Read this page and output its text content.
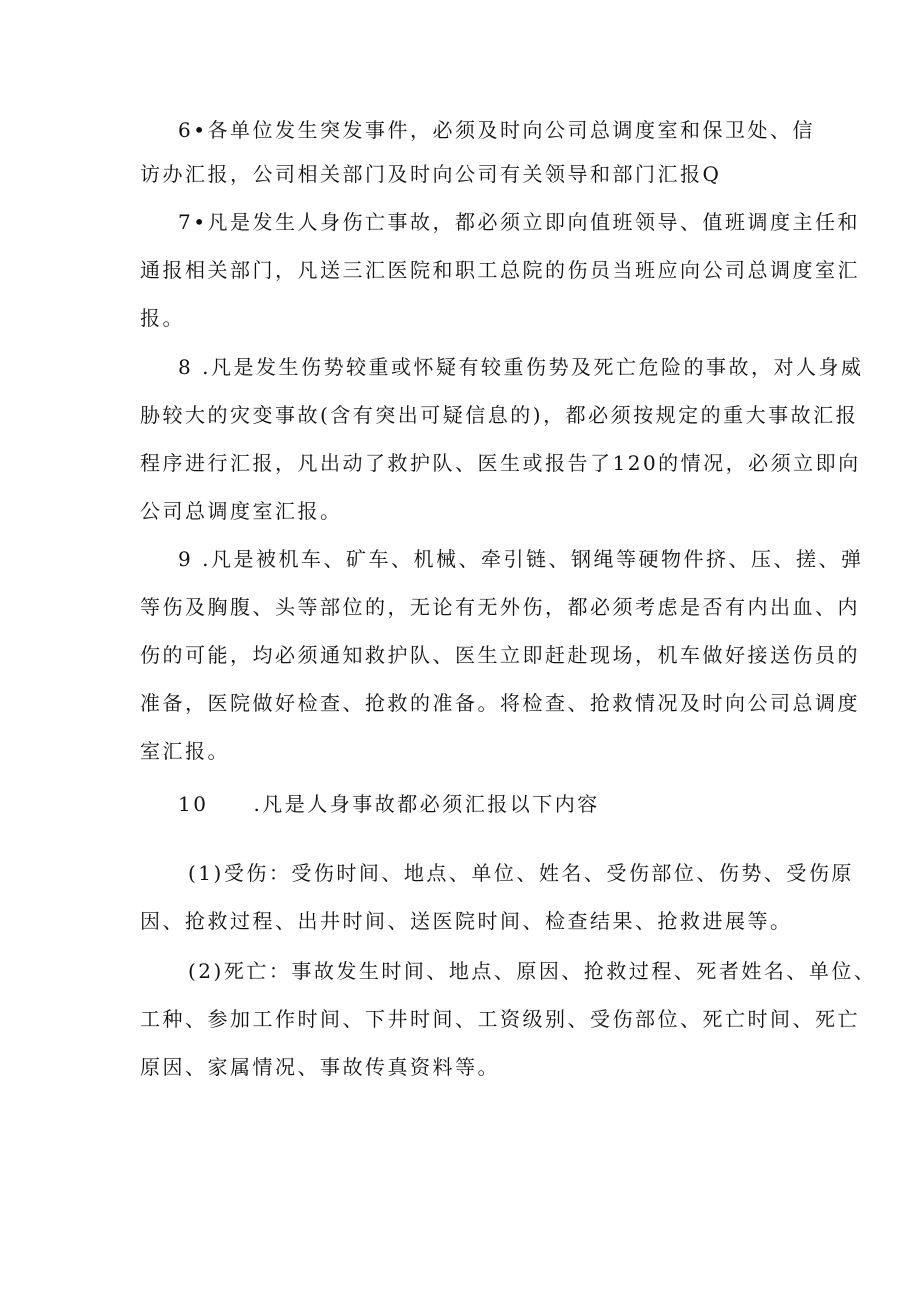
6•各单位发生突发事件，必须及时向公司总调度室和保卫处、信

访办汇报，公司相关部门及时向公司有关领导和部门汇报Q

7•凡是发生人身伤亡事故，都必须立即向值班领导、值班调度主任和

通报相关部门，凡送三汇医院和职工总院的伤员当班应向公司总调度室汇

报。

8 .凡是发生伤势较重或怀疑有较重伤势及死亡危险的事故，对人身威

胁较大的灾变事故(含有突出可疑信息的)，都必须按规定的重大事故汇报

程序进行汇报，凡出动了救护队、医生或报告了120的情况，必须立即向

公司总调度室汇报。

9 .凡是被机车、矿车、机械、牵引链、钢绳等硬物件挤、压、搓、弹

等伤及胸腹、头等部位的，无论有无外伤，都必须考虑是否有内出血、内

伤的可能，均必须通知救护队、医生立即赶赴现场，机车做好接送伤员的

准备，医院做好检查、抢救的准备。将检查、抢救情况及时向公司总调度

室汇报。

10　　.凡是人身事故都必须汇报以下内容

(1)受伤：受伤时间、地点、单位、姓名、受伤部位、伤势、受伤原

因、抢救过程、出井时间、送医院时间、检查结果、抢救进展等。

(2)死亡：事故发生时间、地点、原因、抢救过程、死者姓名、单位、

工种、参加工作时间、下井时间、工资级别、受伤部位、死亡时间、死亡

原因、家属情况、事故传真资料等。
